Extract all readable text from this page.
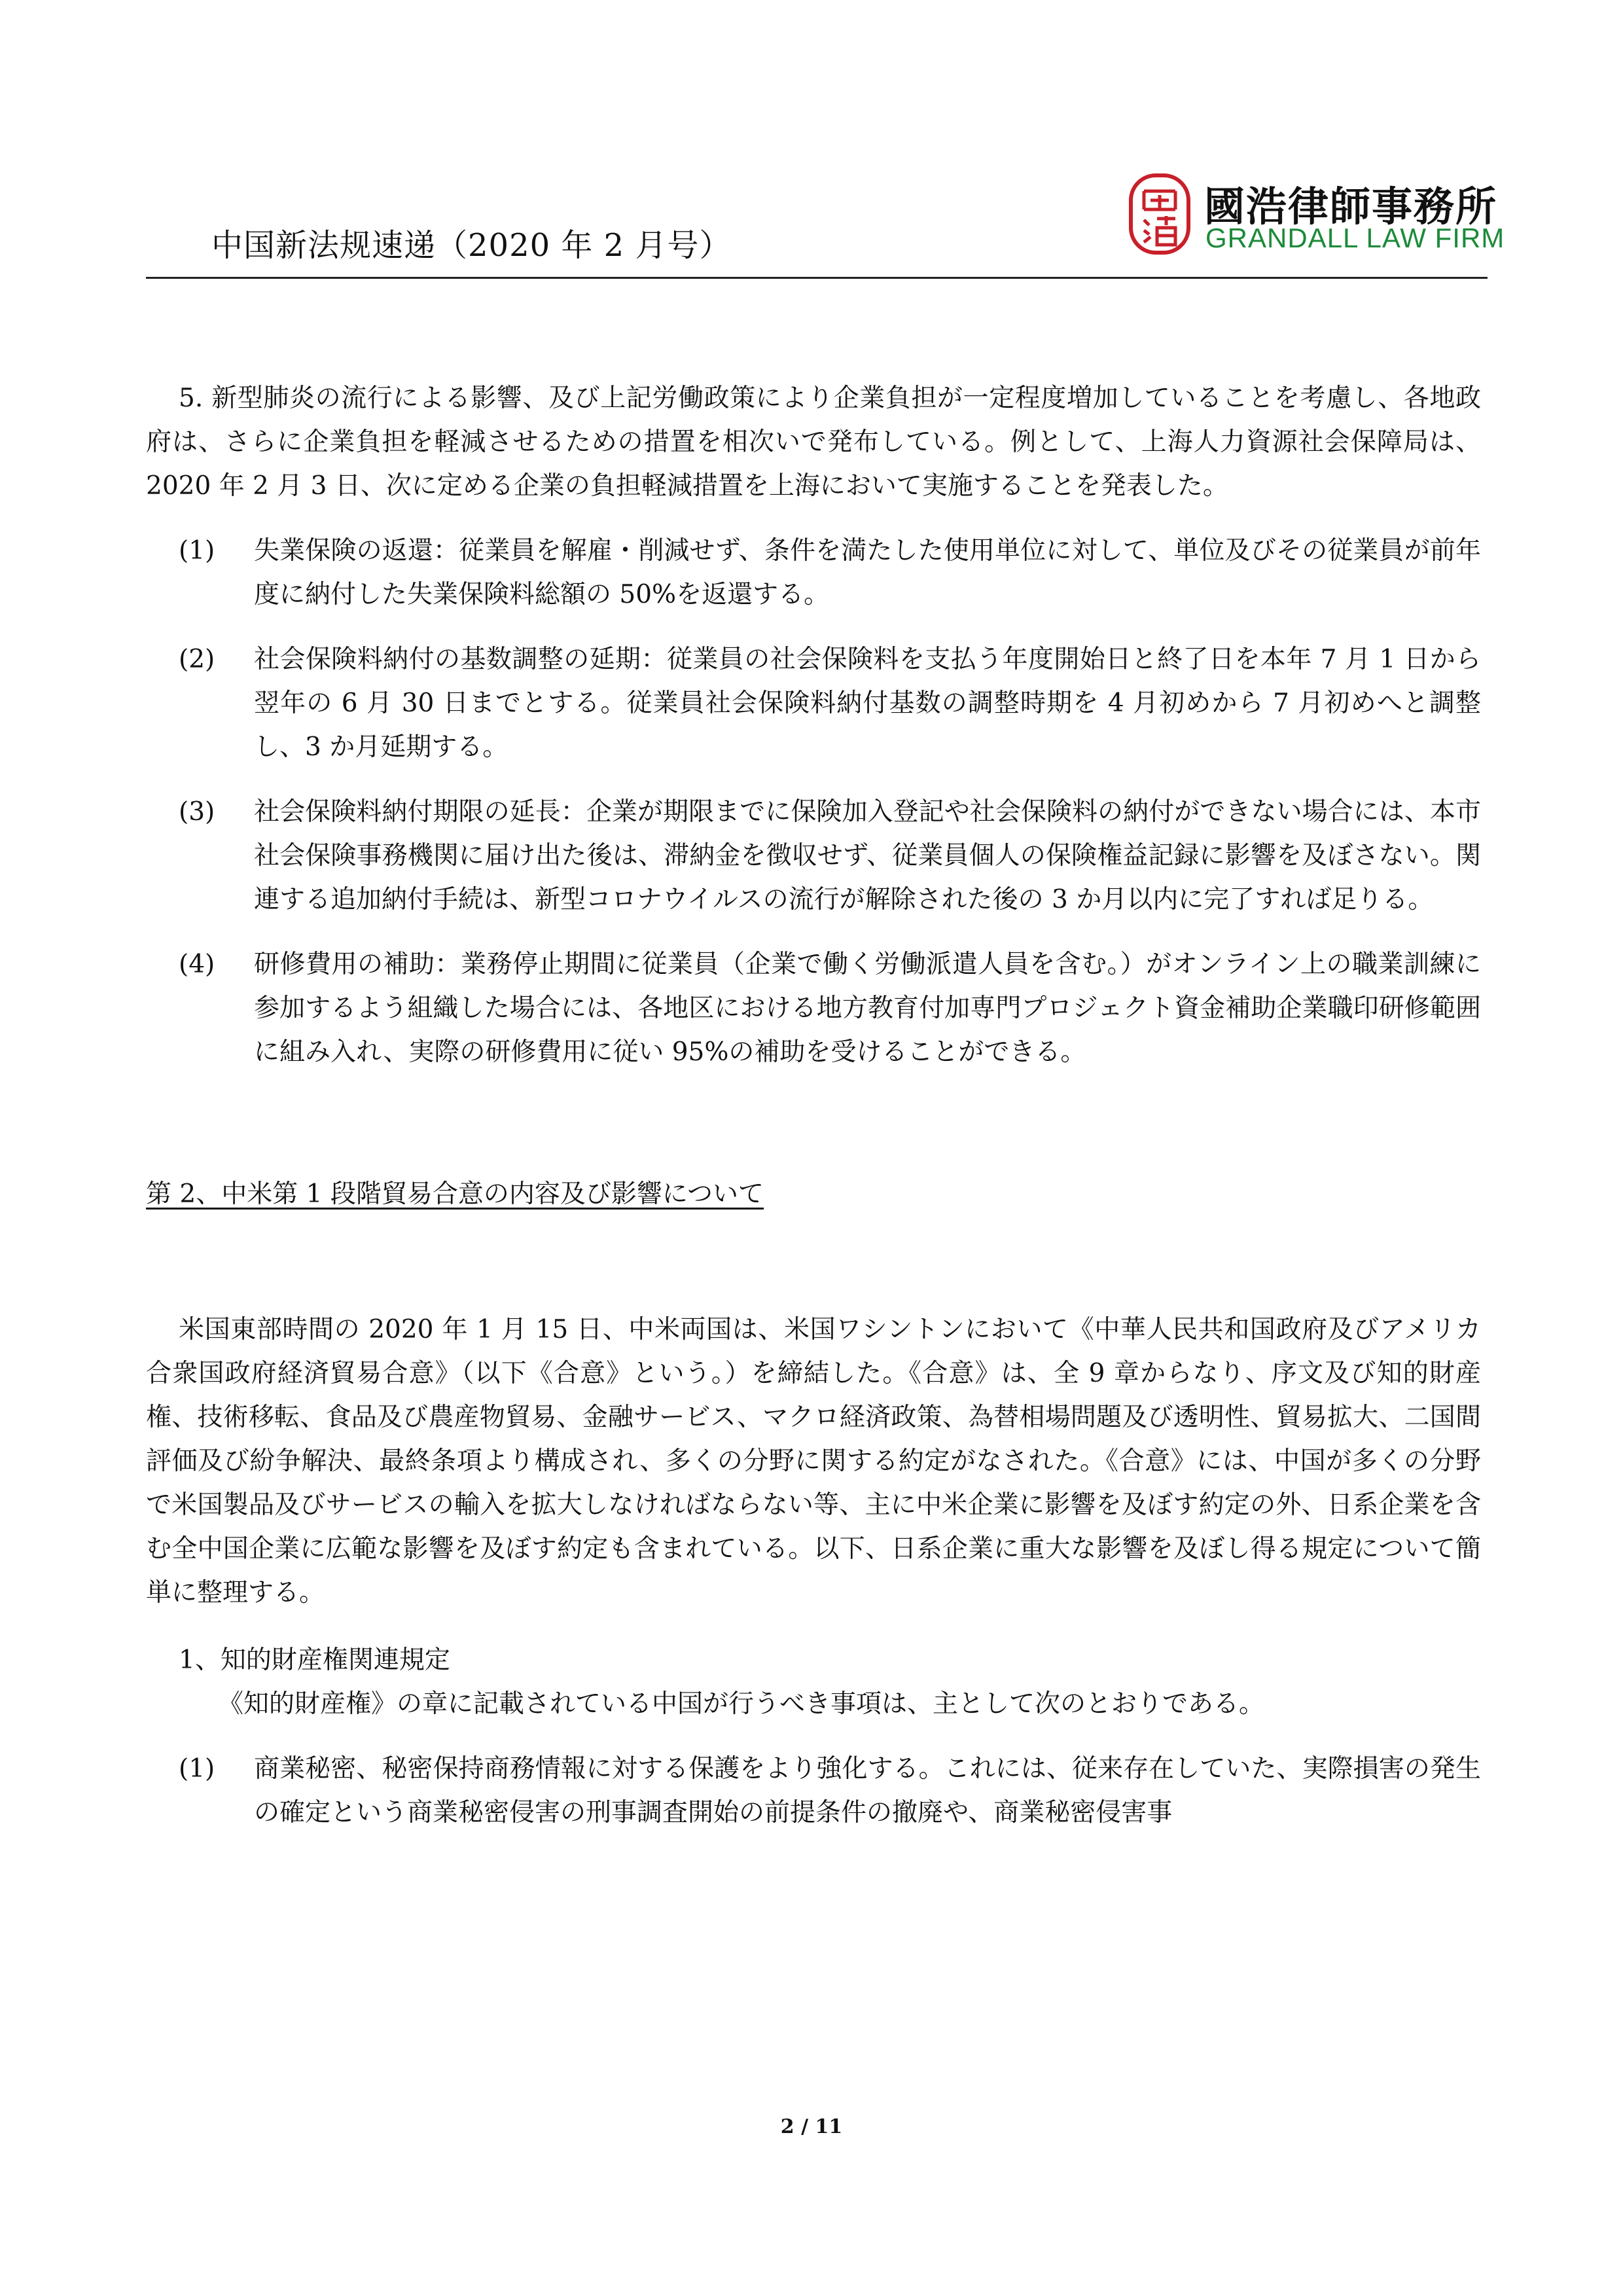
中国新法规速递（2020 年 2 月号）
國浩律師事務所
GRANDALL LAW FIRM

5. 新型肺炎の流行による影響、及び上記労働政策により企業負担が一定程度増加していることを考慮し、各地政府は、さらに企業負担を軽減させるための措置を相次いで発布している。例として、上海人力資源社会保障局は、2020 年 2 月 3 日、次に定める企業の負担軽減措置を上海において実施することを発表した。

(1) 失業保険の返還：従業員を解雇・削減せず、条件を満たした使用単位に対して、単位及びその従業員が前年度に納付した失業保険料総額の 50%を返還する。
(2) 社会保険料納付の基数調整の延期：従業員の社会保険料を支払う年度開始日と終了日を本年 7 月 1 日から翌年の 6 月 30 日までとする。従業員社会保険料納付基数の調整時期を 4 月初めから 7 月初めへと調整し、3 か月延期する。
(3) 社会保険料納付期限の延長：企業が期限までに保険加入登記や社会保険料の納付ができない場合には、本市社会保険事務機関に届け出た後は、滞納金を徴収せず、従業員個人の保険権益記録に影響を及ぼさない。関連する追加納付手続は、新型コロナウイルスの流行が解除された後の 3 か月以内に完了すれば足りる。
(4) 研修費用の補助：業務停止期間に従業員（企業で働く労働派遣人員を含む。）がオンライン上の職業訓練に参加するよう組織した場合には、各地区における地方教育付加専門プロジェクト資金補助企業職印研修範囲に組み入れ、実際の研修費用に従い 95%の補助を受けることができる。
第 2、中米第 1 段階貿易合意の内容及び影響について

米国東部時間の 2020 年 1 月 15 日、中米両国は、米国ワシントンにおいて《中華人民共和国政府及びアメリカ合衆国政府経済貿易合意》（以下《合意》という。）を締結した。《合意》は、全 9 章からなり、序文及び知的財産権、技術移転、食品及び農産物貿易、金融サービス、マクロ経済政策、為替相場問題及び透明性、貿易拡大、二国間評価及び紛争解決、最終条項より構成され、多くの分野に関する約定がなされた。《合意》には、中国が多くの分野で米国製品及びサービスの輸入を拡大しなければならない等、主に中米企業に影響を及ぼす約定の外、日系企業を含む全中国企業に広範な影響を及ぼす約定も含まれている。以下、日系企業に重大な影響を及ぼし得る規定について簡単に整理する。

1、知的財産権関連規定

《知的財産権》の章に記載されている中国が行うべき事項は、主として次のとおりである。

(1) 商業秘密、秘密保持商務情報に対する保護をより強化する。これには、従来存在していた、実際損害の発生の確定という商業秘密侵害の刑事調査開始の前提条件の撤廃や、商業秘密侵害事
2 / 11
